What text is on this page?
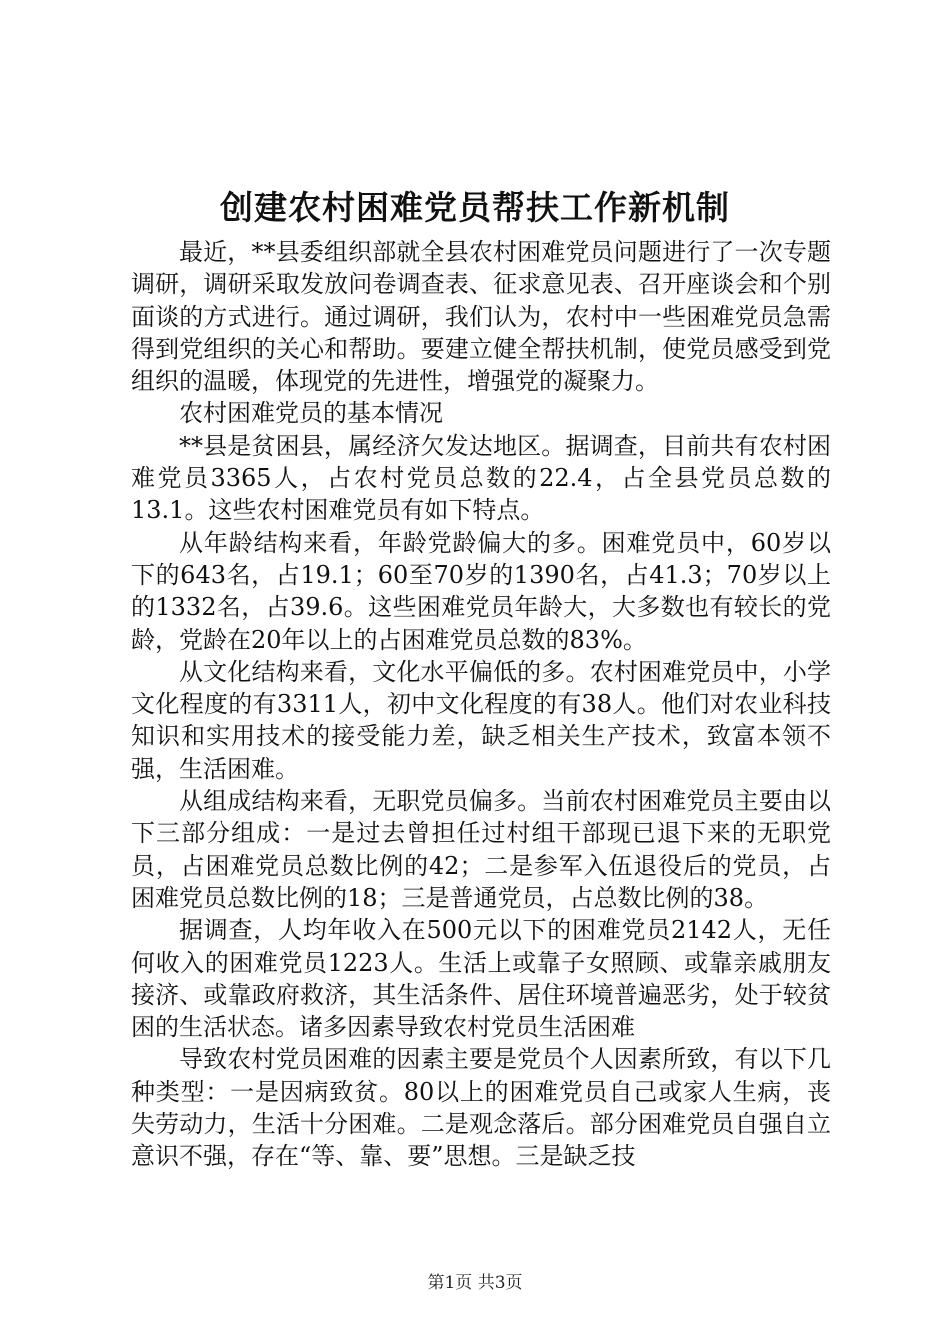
创建农村困难党员帮扶工作新机制

最近，**县委组织部就全县农村困难党员问题进行了一次专题调研，调研采取发放问卷调查表、征求意见表、召开座谈会和个别面谈的方式进行。通过调研，我们认为，农村中一些困难党员急需得到党组织的关心和帮助。要建立健全帮扶机制，使党员感受到党组织的温暖，体现党的先进性，增强党的凝聚力。

农村困难党员的基本情况

**县是贫困县，属经济欠发达地区。据调查，目前共有农村困难党员3365人，占农村党员总数的22.4，占全县党员总数的13.1。这些农村困难党员有如下特点。

从年龄结构来看，年龄党龄偏大的多。困难党员中，60岁以下的643名，占19.1；60至70岁的1390名，占41.3；70岁以上的1332名，占39.6。这些困难党员年龄大，大多数也有较长的党龄，党龄在20年以上的占困难党员总数的83%。

从文化结构来看，文化水平偏低的多。农村困难党员中，小学文化程度的有3311人，初中文化程度的有38人。他们对农业科技知识和实用技术的接受能力差，缺乏相关生产技术，致富本领不强，生活困难。

从组成结构来看，无职党员偏多。当前农村困难党员主要由以下三部分组成：一是过去曾担任过村组干部现已退下来的无职党员，占困难党员总数比例的42；二是参军入伍退役后的党员，占困难党员总数比例的18；三是普通党员，占总数比例的38。

据调查，人均年收入在500元以下的困难党员2142人，无任何收入的困难党员1223人。生活上或靠子女照顾、或靠亲戚朋友接济、或靠政府救济，其生活条件、居住环境普遍恶劣，处于较贫困的生活状态。诸多因素导致农村党员生活困难

导致农村党员困难的因素主要是党员个人因素所致，有以下几种类型：一是因病致贫。80以上的困难党员自己或家人生病，丧失劳动力，生活十分困难。二是观念落后。部分困难党员自强自立意识不强，存在“等、靠、要”思想。三是缺乏技

第1页 共3页
